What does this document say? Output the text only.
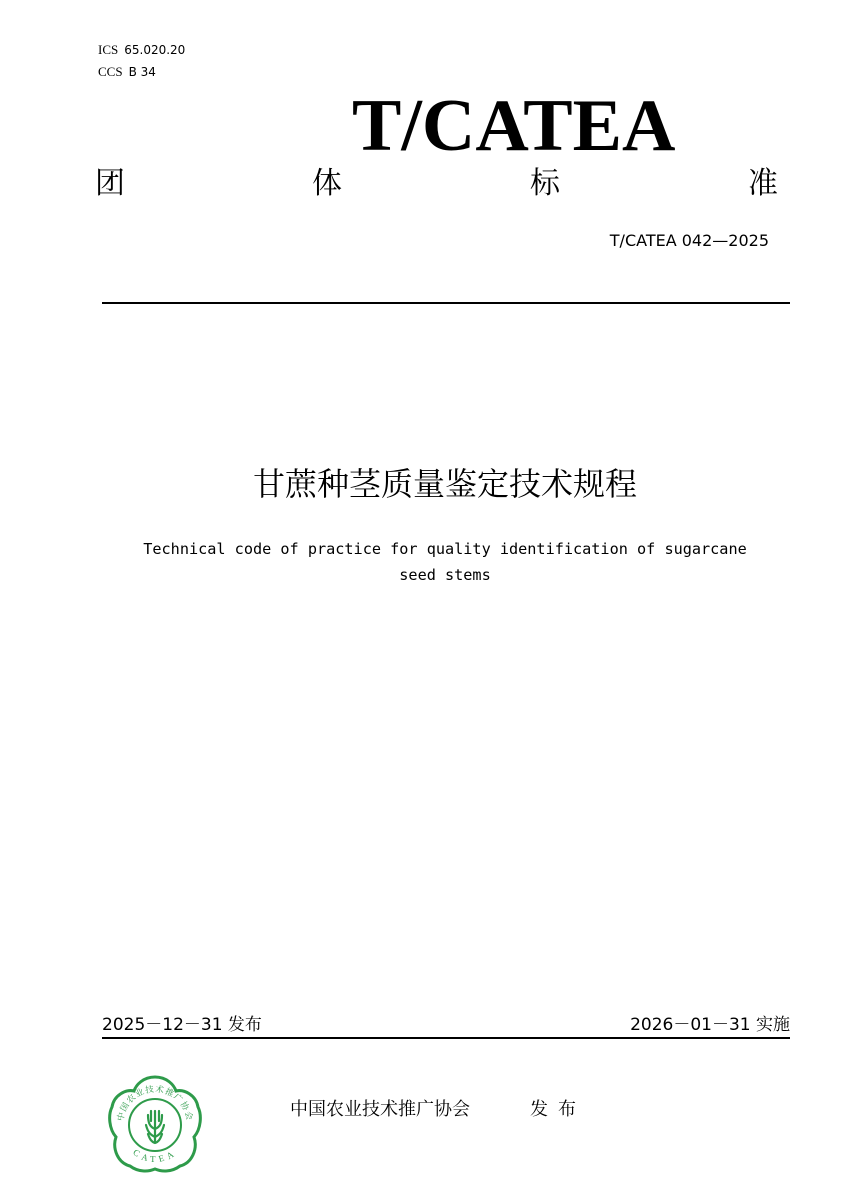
ICS 65.020.20
CCS B 34
T/CATEA
团	体	标	准
T/CATEA 042—2025
甘蔗种茎质量鉴定技术规程
Technical code of practice for quality identification of sugarcane
seed stems
2025－12－31 发布	2026－01－31 实施
中国农业技术推广协会
CATEA
中国农业技术推广协会	发布
